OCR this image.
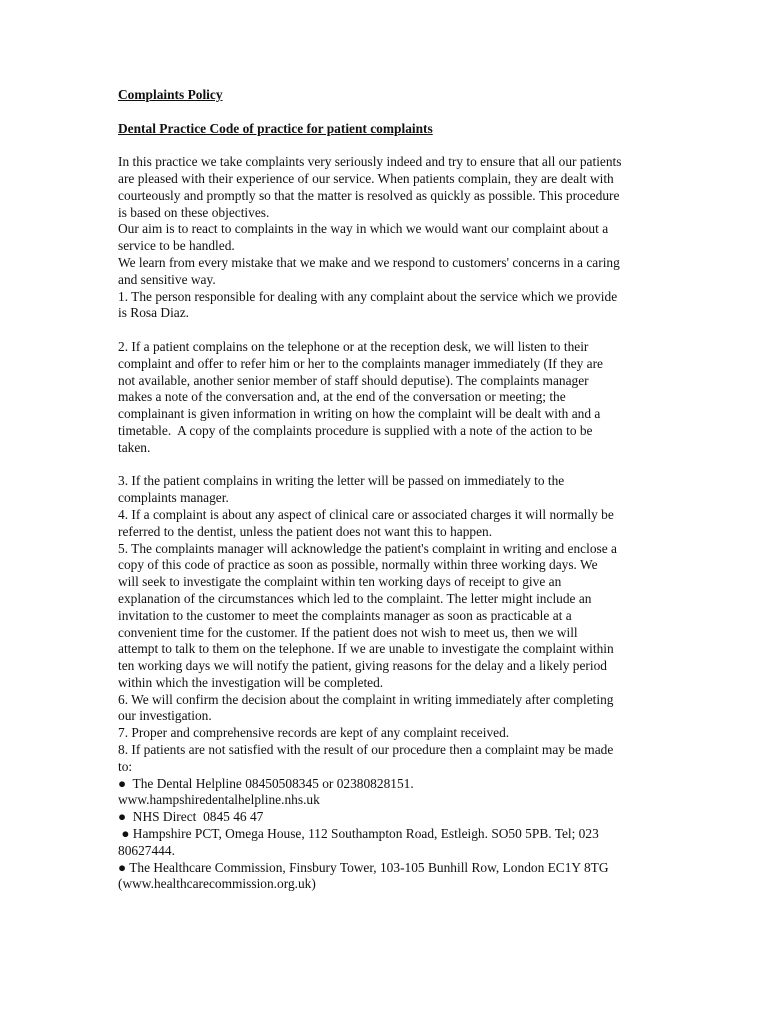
Complaints Policy

Dental Practice Code of practice for patient complaints

In this practice we take complaints very seriously indeed and try to ensure that all our patients
are pleased with their experience of our service. When patients complain, they are dealt with
courteously and promptly so that the matter is resolved as quickly as possible. This procedure
is based on these objectives.
Our aim is to react to complaints in the way in which we would want our complaint about a
service to be handled.
We learn from every mistake that we make and we respond to customers' concerns in a caring
and sensitive way.
1. The person responsible for dealing with any complaint about the service which we provide
is Rosa Diaz.
2. If a patient complains on the telephone or at the reception desk, we will listen to their
complaint and offer to refer him or her to the complaints manager immediately (If they are
not available, another senior member of staff should deputise). The complaints manager
makes a note of the conversation and, at the end of the conversation or meeting; the
complainant is given information in writing on how the complaint will be dealt with and a
timetable.  A copy of the complaints procedure is supplied with a note of the action to be
taken.
3. If the patient complains in writing the letter will be passed on immediately to the
complaints manager.
4. If a complaint is about any aspect of clinical care or associated charges it will normally be
referred to the dentist, unless the patient does not want this to happen.
5. The complaints manager will acknowledge the patient's complaint in writing and enclose a
copy of this code of practice as soon as possible, normally within three working days. We
will seek to investigate the complaint within ten working days of receipt to give an
explanation of the circumstances which led to the complaint. The letter might include an
invitation to the customer to meet the complaints manager as soon as practicable at a
convenient time for the customer. If the patient does not wish to meet us, then we will
attempt to talk to them on the telephone. If we are unable to investigate the complaint within
ten working days we will notify the patient, giving reasons for the delay and a likely period
within which the investigation will be completed.
6. We will confirm the decision about the complaint in writing immediately after completing
our investigation.
7. Proper and comprehensive records are kept of any complaint received.
8. If patients are not satisfied with the result of our procedure then a complaint may be made
to:
●  The Dental Helpline 08450508345 or 02380828151.
www.hampshiredentalhelpline.nhs.uk
●  NHS Direct  0845 46 47
● Hampshire PCT, Omega House, 112 Southampton Road, Estleigh. SO50 5PB. Tel; 023
80627444.
● The Healthcare Commission, Finsbury Tower, 103-105 Bunhill Row, London EC1Y 8TG
(www.healthcarecommission.org.uk)
